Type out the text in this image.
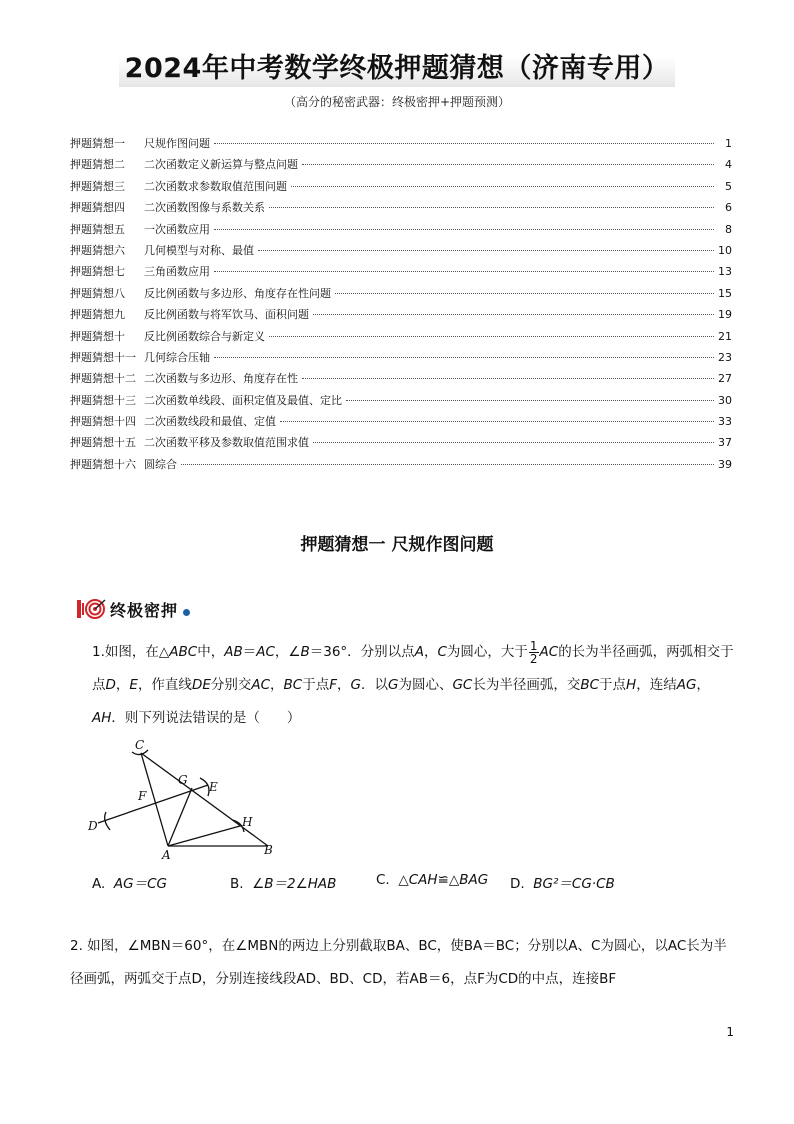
2024年中考数学终极押题猜想（济南专用）
（高分的秘密武器：终极密押+押题预测）
押题猜想一	尺规作图问题	1
押题猜想二	二次函数定义新运算与整点问题	4
押题猜想三	二次函数求参数取值范围问题	5
押题猜想四	二次函数图像与系数关系	6
押题猜想五	一次函数应用	8
押题猜想六	几何模型与对称、最值	10
押题猜想七	三角函数应用	13
押题猜想八	反比例函数与多边形、角度存在性问题	15
押题猜想九	反比例函数与将军饮马、面积问题	19
押题猜想十	反比例函数综合与新定义	21
押题猜想十一 几何综合压轴	23
押题猜想十二 二次函数与多边形、角度存在性	27
押题猜想十三 二次函数单线段、面积定值及最值、定比	30
押题猜想十四 二次函数线段和最值、定值	33
押题猜想十五 二次函数平移及参数取值范围求值	37
押题猜想十六 圆综合	39
押题猜想一 尺规作图问题
终极密押
1.如图，在△ABC中，AB＝AC，∠B＝36°．分别以点A，C为圆心，大于 $\frac{1}{2}$ AC的长为半径画弧，两弧相交于点D，E，作直线DE分别交AC，BC于点F，G．以G为圆心、GC长为半径画弧，交BC于点H，连结AG，AH．则下列说法错误的是（　　）
C
G E
F
H
D
A	B
A. AG＝CG	B. ∠B＝2∠HAB	C. △CAH≌△BAG	D. BG²＝CG·CB
2. 如图，∠MBN＝60°，在∠MBN的两边上分别截取BA、BC，使BA＝BC；分别以A、C为圆心，以AC长为半径画弧，两弧交于点D，分别连接线段AD、BD、CD，若AB＝6，点F为CD的中点，连接BF
1
